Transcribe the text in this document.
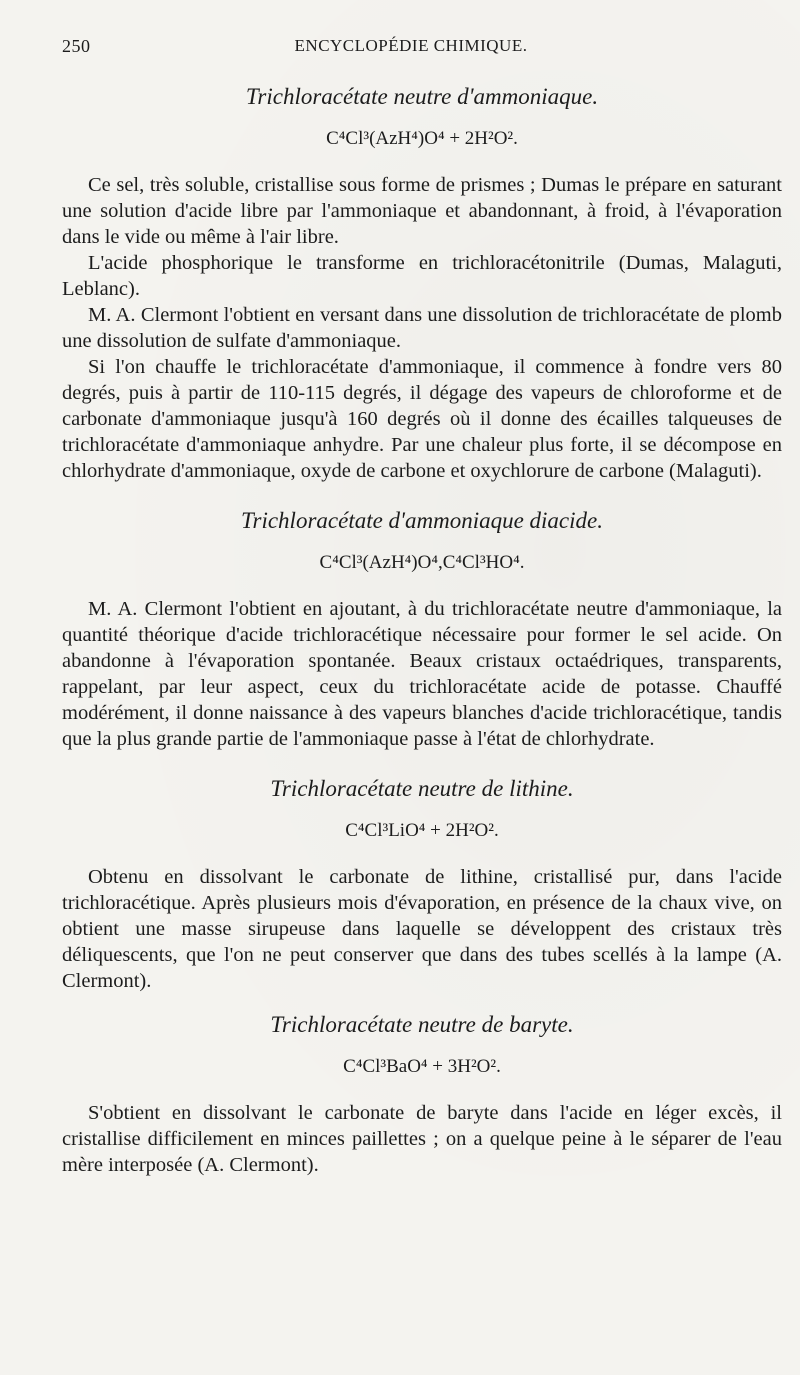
250	ENCYCLOPÉDIE CHIMIQUE.
Trichloracétate neutre d'ammoniaque.
C⁴Cl³(AzH⁴)O⁴ + 2H²O².

Ce sel, très soluble, cristallise sous forme de prismes ; Dumas le prépare en saturant une solution d'acide libre par l'ammoniaque et abandonnant, à froid, à l'évaporation dans le vide ou même à l'air libre.

L'acide phosphorique le transforme en trichloracétonitrile (Dumas, Malaguti, Leblanc).

M. A. Clermont l'obtient en versant dans une dissolution de trichloracétate de plomb une dissolution de sulfate d'ammoniaque.

Si l'on chauffe le trichloracétate d'ammoniaque, il commence à fondre vers 80 degrés, puis à partir de 110-115 degrés, il dégage des vapeurs de chloroforme et de carbonate d'ammoniaque jusqu'à 160 degrés où il donne des écailles talqueuses de trichloracétate d'ammoniaque anhydre. Par une chaleur plus forte, il se décompose en chlorhydrate d'ammoniaque, oxyde de carbone et oxychlorure de carbone (Malaguti).

Trichloracétate d'ammoniaque diacide.
C⁴Cl³(AzH⁴)O⁴,C⁴Cl³HO⁴.

M. A. Clermont l'obtient en ajoutant, à du trichloracétate neutre d'ammoniaque, la quantité théorique d'acide trichloracétique nécessaire pour former le sel acide. On abandonne à l'évaporation spontanée. Beaux cristaux octaédriques, transparents, rappelant, par leur aspect, ceux du trichloracétate acide de potasse. Chauffé modérément, il donne naissance à des vapeurs blanches d'acide trichloracétique, tandis que la plus grande partie de l'ammoniaque passe à l'état de chlorhydrate.

Trichloracétate neutre de lithine.
C⁴Cl³LiO⁴ + 2H²O².

Obtenu en dissolvant le carbonate de lithine, cristallisé pur, dans l'acide trichloracétique. Après plusieurs mois d'évaporation, en présence de la chaux vive, on obtient une masse sirupeuse dans laquelle se développent des cristaux très déliquescents, que l'on ne peut conserver que dans des tubes scellés à la lampe (A. Clermont).

Trichloracétate neutre de baryte.
C⁴Cl³BaO⁴ + 3H²O².

S'obtient en dissolvant le carbonate de baryte dans l'acide en léger excès, il cristallise difficilement en minces paillettes ; on a quelque peine à le séparer de l'eau mère interposée (A. Clermont).
